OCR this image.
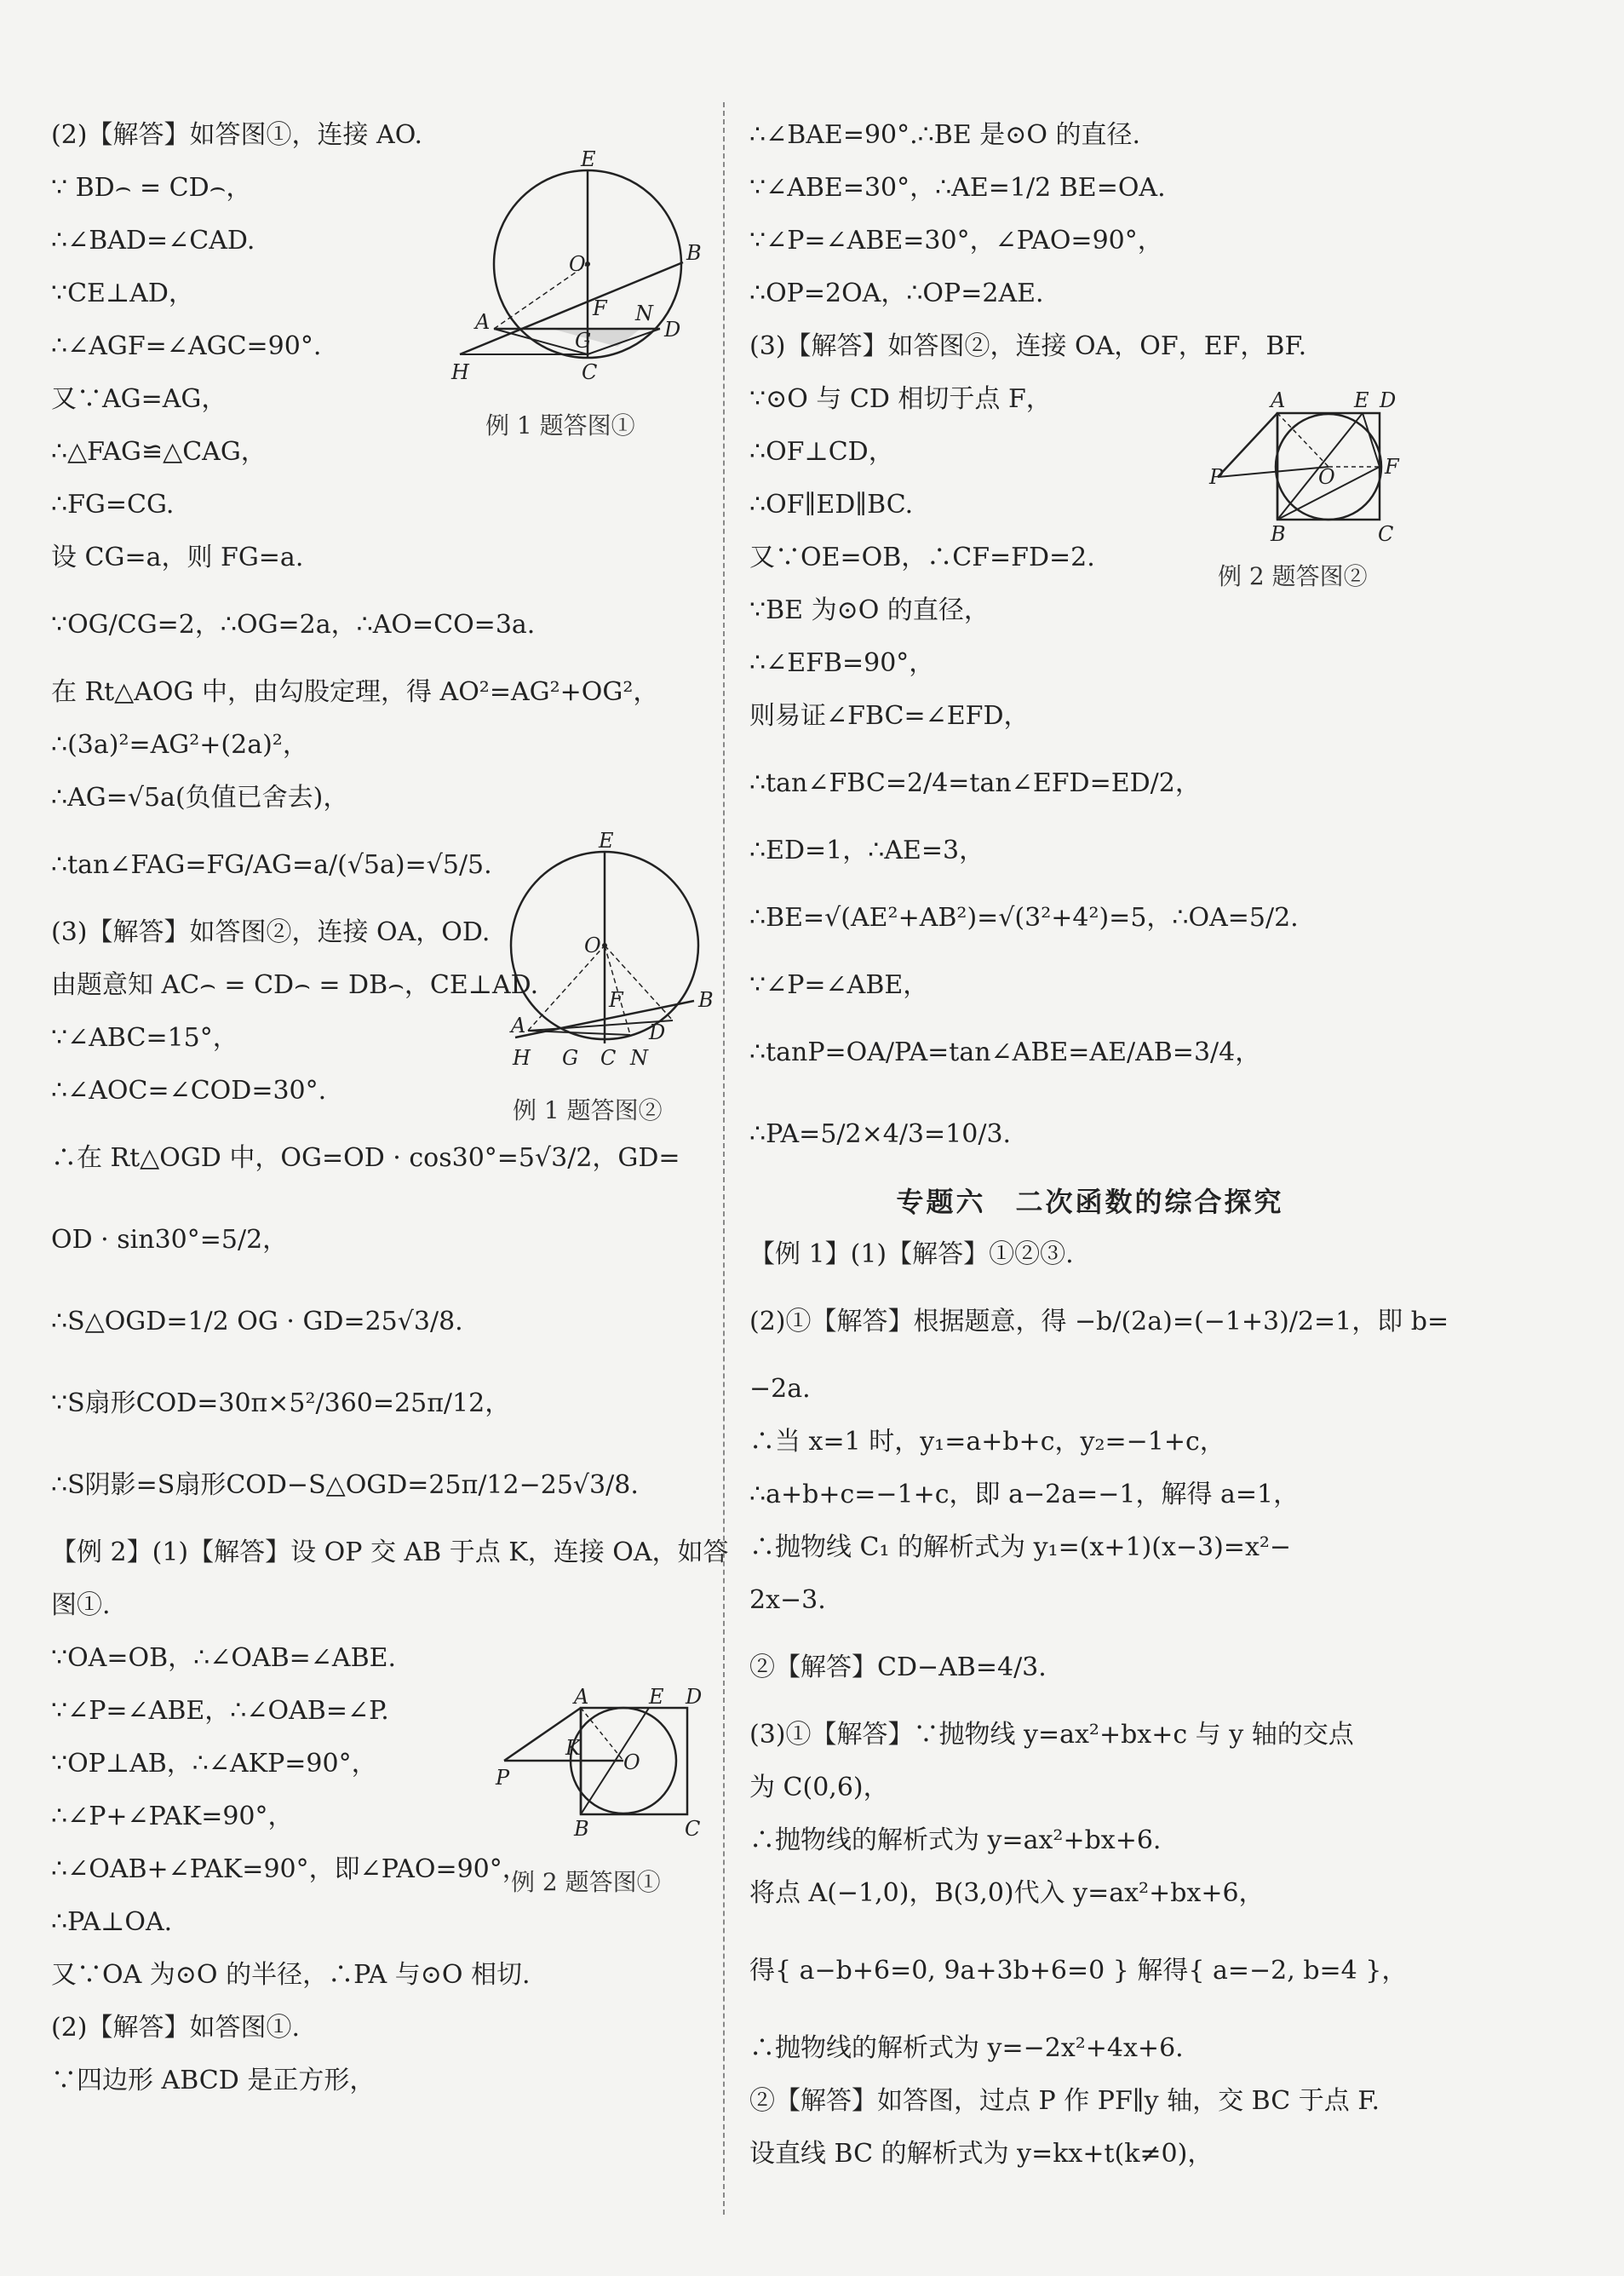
(2)【解答】如答图①，连接 AO.
∵ BD⌢ = CD⌢，
∴∠BAD=∠CAD.
∵CE⊥AD，
∴∠AGF=∠AGC=90°.
又∵AG=AG，
∴△FAG≌△CAG，
∴FG=CG.
设 CG=a，则 FG=a.
∵OG/CG=2，∴OG=2a，∴AO=CO=3a.
在 Rt△AOG 中，由勾股定理，得 AO²=AG²+OG²，
∴(3a)²=AG²+(2a)²，
∴AG=√5a(负值已舍去)，
∴tan∠FAG=FG/AG=a/(√5a)=√5/5.
(3)【解答】如答图②，连接 OA，OD.
由题意知 AC⌢ = CD⌢ = DB⌢，CE⊥AD.
∵∠ABC=15°，
∴∠AOC=∠COD=30°.
∴在 Rt△OGD 中，OG=OD · cos30°=5√3/2，GD=
OD · sin30°=5/2，
∴S△OGD=1/2 OG · GD=25√3/8.
∵S扇形COD=30π×5²/360=25π/12，
∴S阴影=S扇形COD−S△OGD=25π/12−25√3/8.
【例 2】(1)【解答】设 OP 交 AB 于点 K，连接 OA，如答
图①.
∵OA=OB，∴∠OAB=∠ABE.
∵∠P=∠ABE，∴∠OAB=∠P.
∵OP⊥AB，∴∠AKP=90°，
∴∠P+∠PAK=90°，
∴∠OAB+∠PAK=90°，即∠PAO=90°，
∴PA⊥OA.
又∵OA 为⊙O 的半径，∴PA 与⊙O 相切.
(2)【解答】如答图①.
∵四边形 ABCD 是正方形，
∴∠BAE=90°.∴BE 是⊙O 的直径.
∵∠ABE=30°，∴AE=1/2 BE=OA.
∵∠P=∠ABE=30°，∠PAO=90°，
∴OP=2OA，∴OP=2AE.
(3)【解答】如答图②，连接 OA，OF，EF，BF.
∵⊙O 与 CD 相切于点 F，
∴OF⊥CD，
∴OF∥ED∥BC.
又∵OE=OB，∴CF=FD=2.
∵BE 为⊙O 的直径，
∴∠EFB=90°，
则易证∠FBC=∠EFD，
∴tan∠FBC=2/4=tan∠EFD=ED/2，
∴ED=1，∴AE=3，
∴BE=√(AE²+AB²)=√(3²+4²)=5，∴OA=5/2.
∵∠P=∠ABE，
∴tanP=OA/PA=tan∠ABE=AE/AB=3/4，
∴PA=5/2×4/3=10/3.
专题六　二次函数的综合探究
【例 1】(1)【解答】①②③.
(2)①【解答】根据题意，得 −b/(2a)=(−1+3)/2=1，即 b=
−2a.
∴当 x=1 时，y₁=a+b+c，y₂=−1+c，
∴a+b+c=−1+c，即 a−2a=−1，解得 a=1，
∴抛物线 C₁ 的解析式为 y₁=(x+1)(x−3)=x²−
2x−3.
②【解答】CD−AB=4/3.
(3)①【解答】∵抛物线 y=ax²+bx+c 与 y 轴的交点
为 C(0,6)，
∴抛物线的解析式为 y=ax²+bx+6.
将点 A(−1,0)，B(3,0)代入 y=ax²+bx+6，
得{ a−b+6=0, 9a+3b+6=0 } 解得{ a=−2, b=4 }，
∴抛物线的解析式为 y=−2x²+4x+6.
②【解答】如答图，过点 P 作 PF∥y 轴，交 BC 于点 F.
设直线 BC 的解析式为 y=kx+t(k≠0)，
E
O	B
F N
A
G	D
H	C
例 1 题答图①
E
O
A
F	B
H G C
D
N
例 1 题答图②
A	E D
K
O
P
B	C
例 2 题答图①
A	E D
P	O F
B	C
例 2 题答图②
